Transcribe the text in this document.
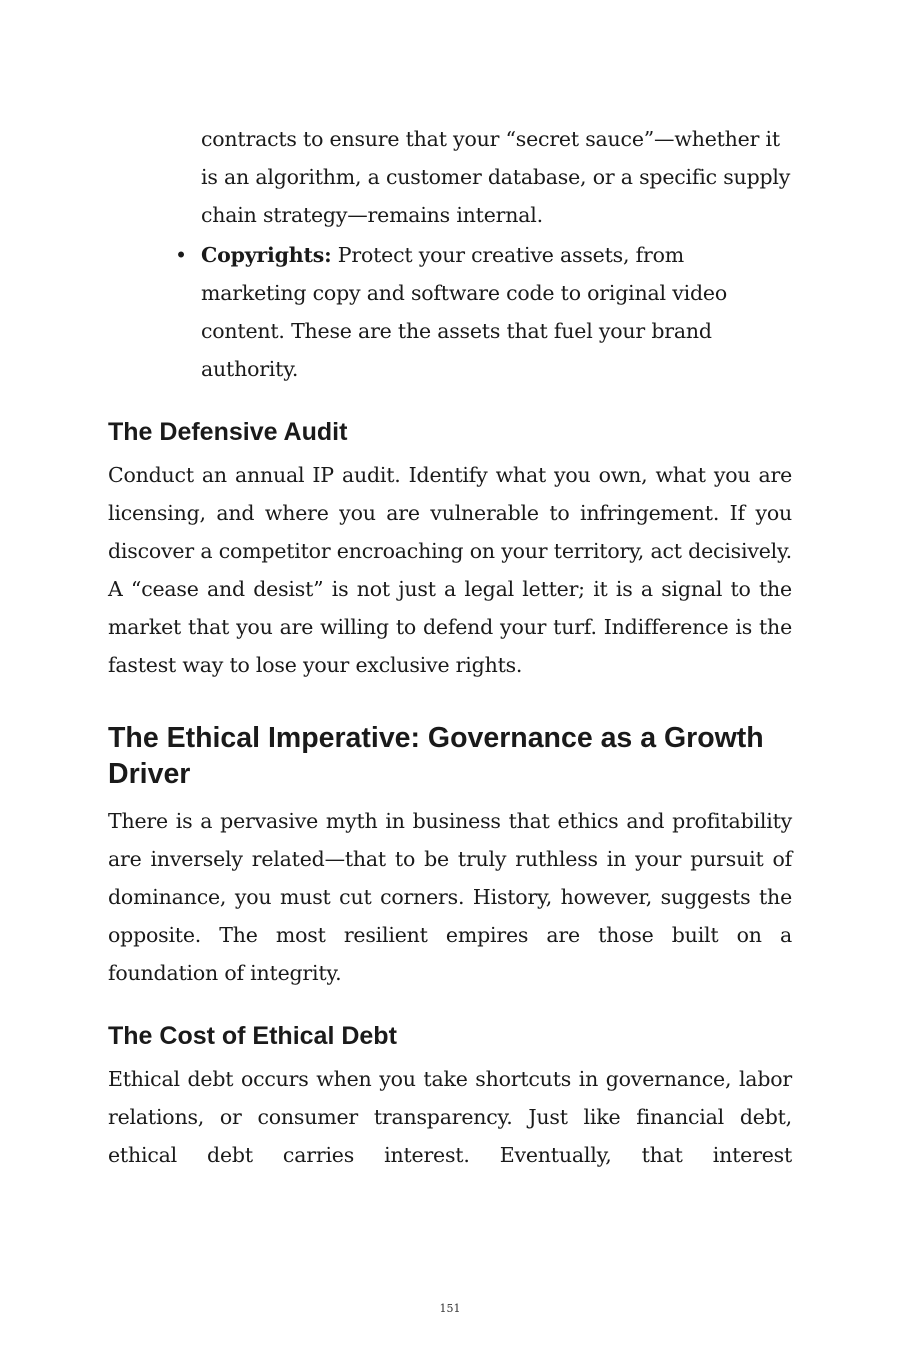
contracts to ensure that your “secret sauce”—whether it is an algorithm, a customer database, or a specific supply chain strategy—remains internal.

• Copyrights: Protect your creative assets, from marketing copy and software code to original video content. These are the assets that fuel your brand authority.
The Defensive Audit

Conduct an annual IP audit. Identify what you own, what you are licensing, and where you are vulnerable to infringement. If you discover a competitor encroaching on your territory, act decisively. A “cease and desist” is not just a legal letter; it is a signal to the market that you are willing to defend your turf. Indifference is the fastest way to lose your exclusive rights.

The Ethical Imperative: Governance as a Growth Driver

There is a pervasive myth in business that ethics and profitability are inversely related—that to be truly ruthless in your pursuit of dominance, you must cut corners. History, however, suggests the opposite. The most resilient empires are those built on a foundation of integrity.

The Cost of Ethical Debt

Ethical debt occurs when you take shortcuts in governance, labor relations, or consumer transparency. Just like financial debt, ethical debt carries interest. Eventually, that interest

151
